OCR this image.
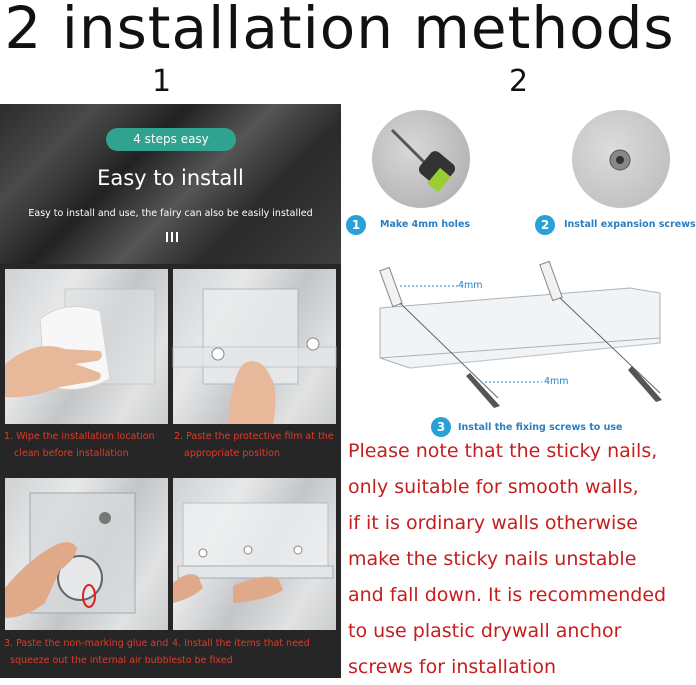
2 installation methods
1	2
4 steps easy
Easy to install
Easy to install and use, the fairy can also be easily installed
1. Wipe the installation location
clean before installation
2. Paste the protective film at the
appropriate position
3. Paste the non-marking glue and
squeeze out the internal air bubbles
4. Install the items that need
to be fixed
1	Make 4mm holes	2	Install expansion screws
4mm
4mm
3	Install the fixing screws to use
Please note that the sticky nails,
only suitable for smooth walls,
if it is ordinary walls otherwise
make the sticky nails unstable
and fall down. It is recommended
to use plastic drywall anchor
screws for installation
